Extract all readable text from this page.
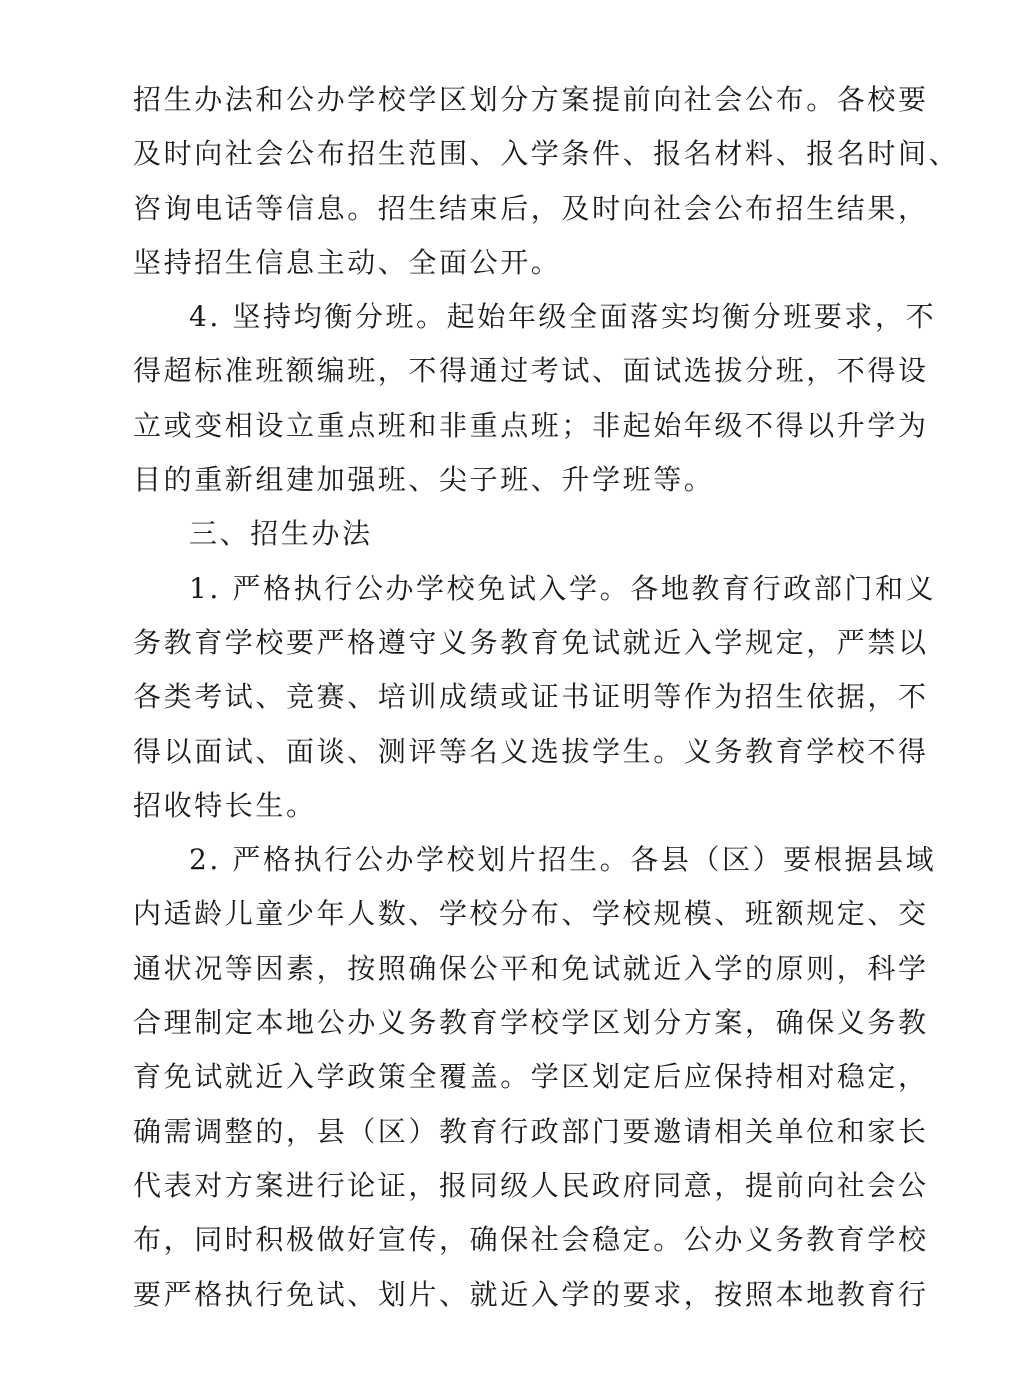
招生办法和公办学校学区划分方案提前向社会公布。各校要
及时向社会公布招生范围、入学条件、报名材料、报名时间、
咨询电话等信息。招生结束后，及时向社会公布招生结果，
坚持招生信息主动、全面公开。
4. 坚持均衡分班。起始年级全面落实均衡分班要求，不
得超标准班额编班，不得通过考试、面试选拔分班，不得设
立或变相设立重点班和非重点班；非起始年级不得以升学为
目的重新组建加强班、尖子班、升学班等。
三、招生办法
1. 严格执行公办学校免试入学。各地教育行政部门和义
务教育学校要严格遵守义务教育免试就近入学规定，严禁以
各类考试、竞赛、培训成绩或证书证明等作为招生依据，不
得以面试、面谈、测评等名义选拔学生。义务教育学校不得
招收特长生。
2. 严格执行公办学校划片招生。各县（区）要根据县域
内适龄儿童少年人数、学校分布、学校规模、班额规定、交
通状况等因素，按照确保公平和免试就近入学的原则，科学
合理制定本地公办义务教育学校学区划分方案，确保义务教
育免试就近入学政策全覆盖。学区划定后应保持相对稳定，
确需调整的，县（区）教育行政部门要邀请相关单位和家长
代表对方案进行论证，报同级人民政府同意，提前向社会公
布，同时积极做好宣传，确保社会稳定。公办义务教育学校
要严格执行免试、划片、就近入学的要求，按照本地教育行
